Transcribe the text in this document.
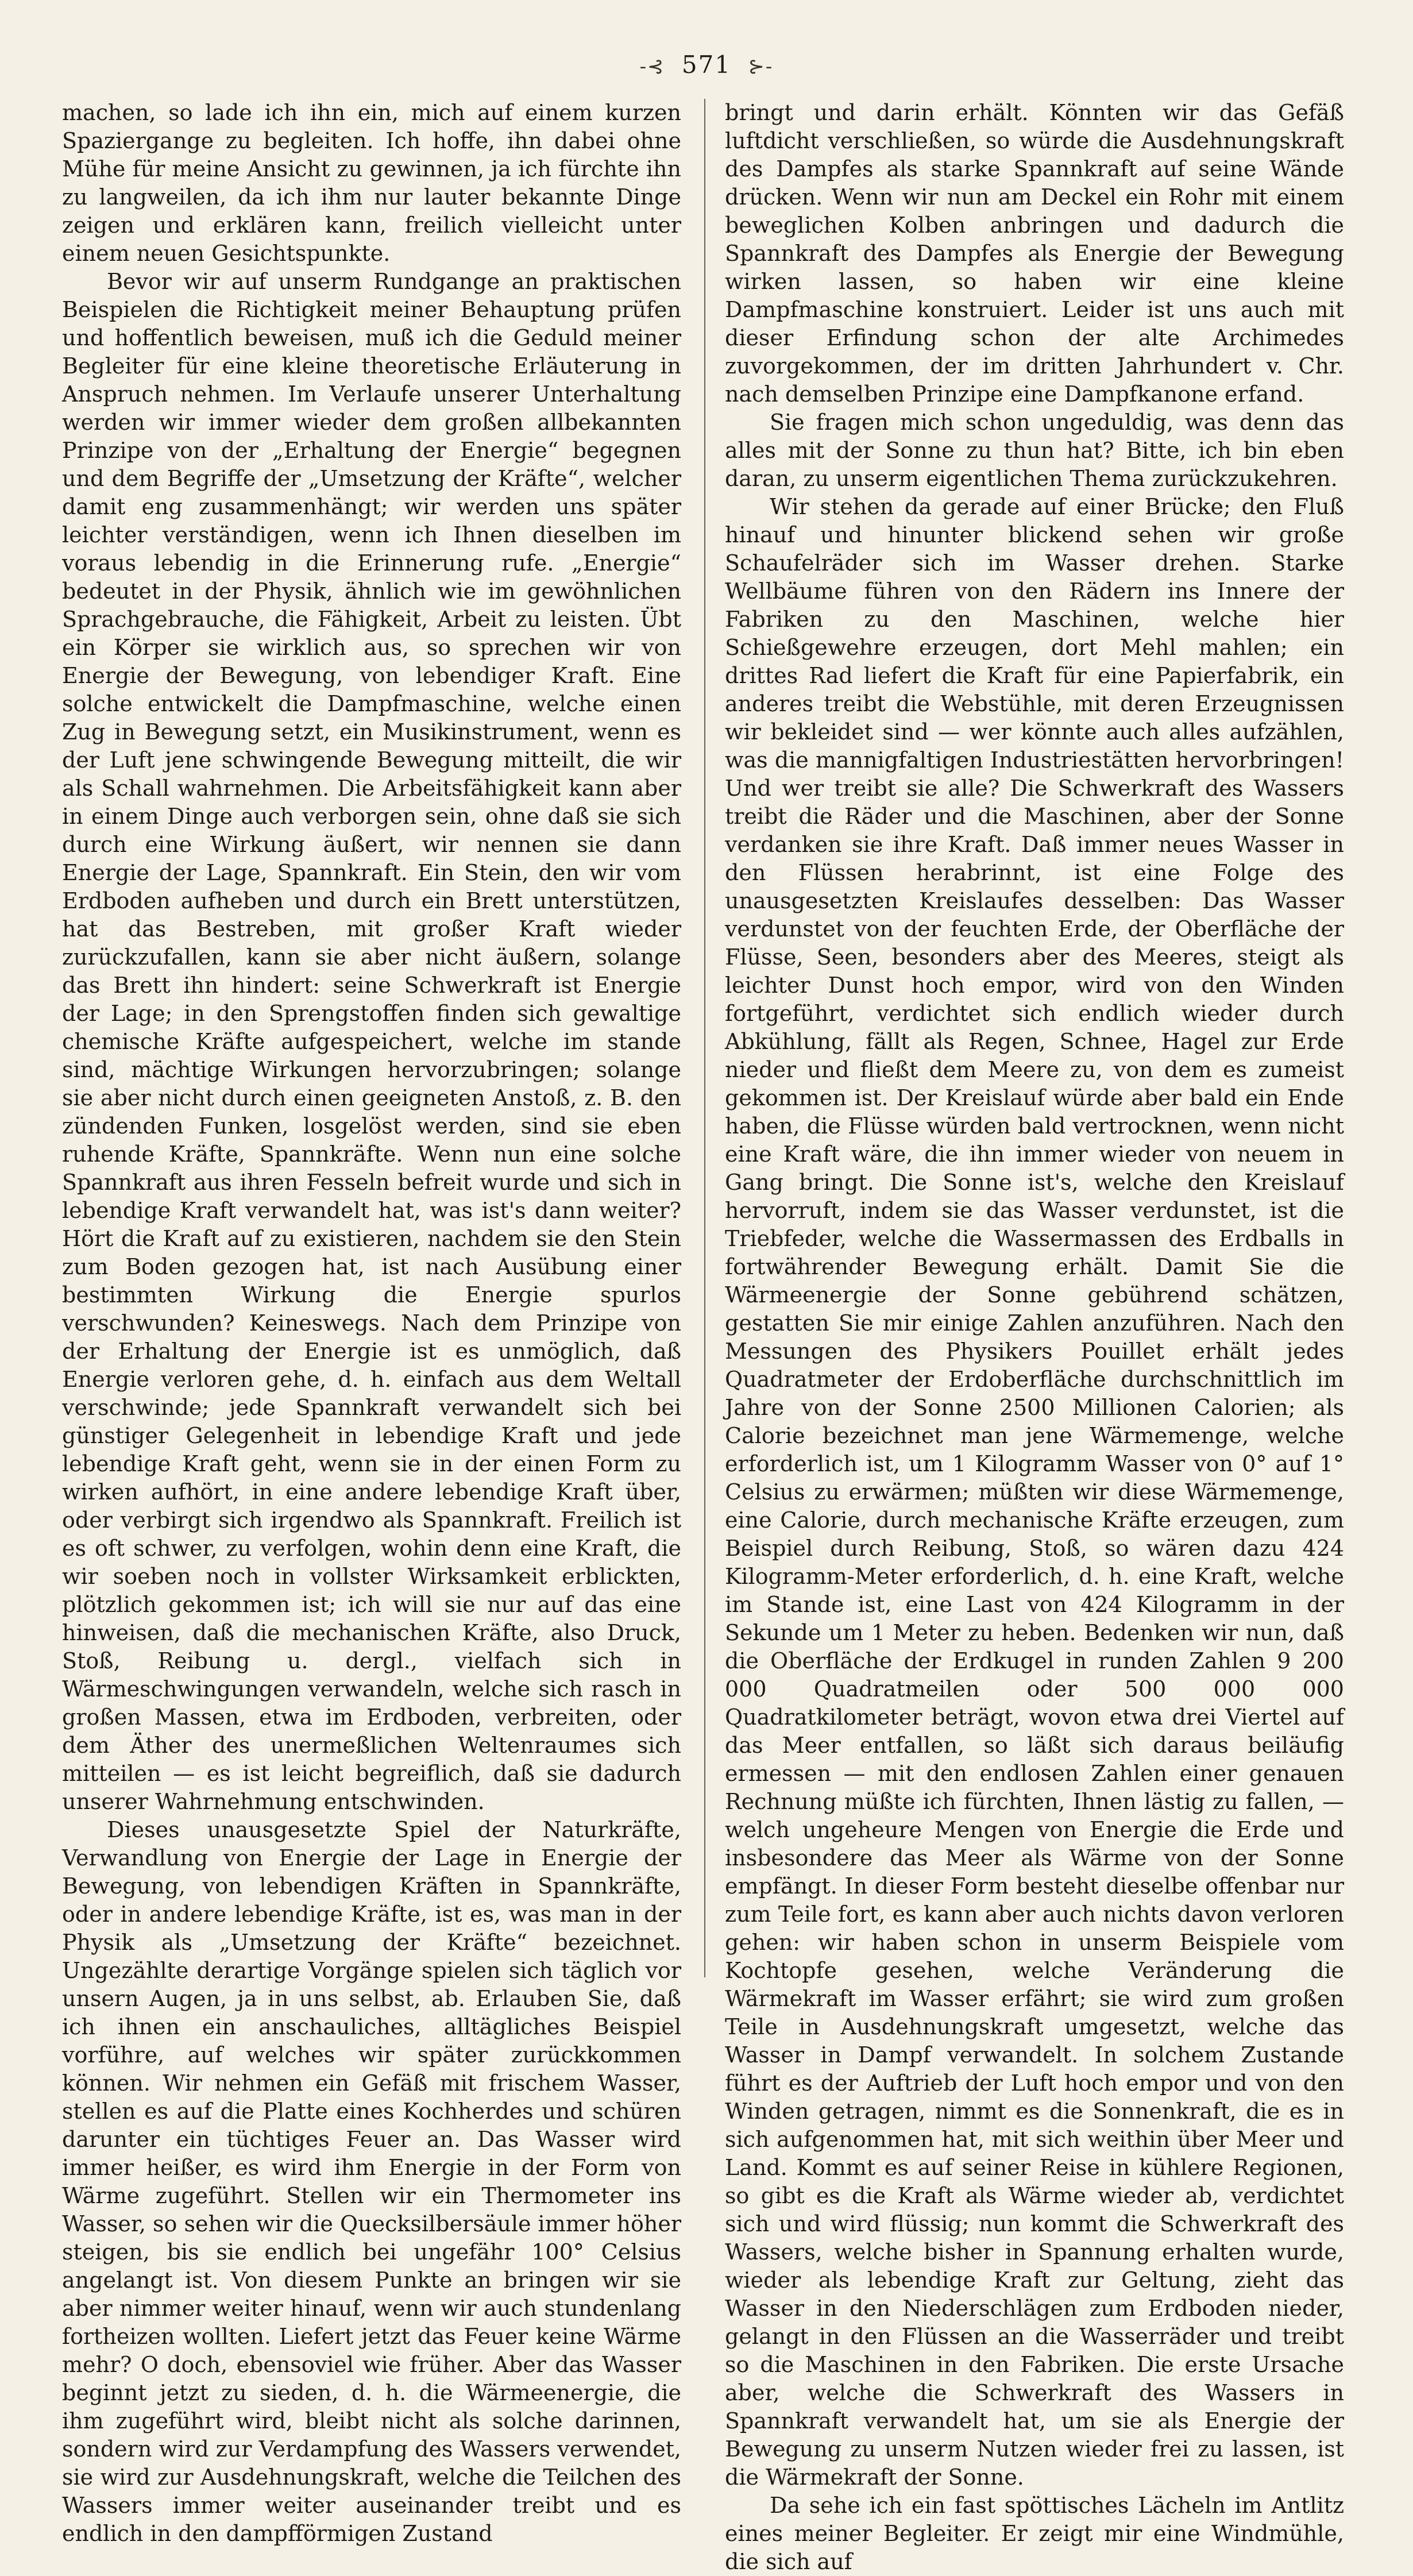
-⊰ 571 ⊱-

machen, so lade ich ihn ein, mich auf einem kurzen Spaziergange zu begleiten. Ich hoffe, ihn dabei ohne Mühe für meine Ansicht zu gewinnen, ja ich fürchte ihn zu langweilen, da ich ihm nur lauter bekannte Dinge zeigen und erklären kann, freilich vielleicht unter einem neuen Gesichtspunkte.

Bevor wir auf unserm Rundgange an praktischen Beispielen die Richtigkeit meiner Behauptung prüfen und hoffentlich beweisen, muß ich die Geduld meiner Begleiter für eine kleine theoretische Erläuterung in Anspruch nehmen. Im Verlaufe unserer Unterhaltung werden wir immer wieder dem großen allbekannten Prinzipe von der „Erhaltung der Energie“ begegnen und dem Begriffe der „Umsetzung der Kräfte“, welcher damit eng zusammenhängt; wir werden uns später leichter verständigen, wenn ich Ihnen dieselben im voraus lebendig in die Erinnerung rufe. „Energie“ bedeutet in der Physik, ähnlich wie im gewöhnlichen Sprachgebrauche, die Fähigkeit, Arbeit zu leisten. Übt ein Körper sie wirklich aus, so sprechen wir von Energie der Bewegung, von lebendiger Kraft. Eine solche entwickelt die Dampfmaschine, welche einen Zug in Bewegung setzt, ein Musikinstrument, wenn es der Luft jene schwingende Bewegung mitteilt, die wir als Schall wahrnehmen. Die Arbeitsfähigkeit kann aber in einem Dinge auch verborgen sein, ohne daß sie sich durch eine Wirkung äußert, wir nennen sie dann Energie der Lage, Spannkraft. Ein Stein, den wir vom Erdboden aufheben und durch ein Brett unterstützen, hat das Bestreben, mit großer Kraft wieder zurückzufallen, kann sie aber nicht äußern, solange das Brett ihn hindert: seine Schwerkraft ist Energie der Lage; in den Sprengstoffen finden sich gewaltige chemische Kräfte aufgespeichert, welche im stande sind, mächtige Wirkungen hervorzubringen; solange sie aber nicht durch einen geeigneten Anstoß, z. B. den zündenden Funken, losgelöst werden, sind sie eben ruhende Kräfte, Spannkräfte. Wenn nun eine solche Spannkraft aus ihren Fesseln befreit wurde und sich in lebendige Kraft verwandelt hat, was ist's dann weiter? Hört die Kraft auf zu existieren, nachdem sie den Stein zum Boden gezogen hat, ist nach Ausübung einer bestimmten Wirkung die Energie spurlos verschwunden? Keineswegs. Nach dem Prinzipe von der Erhaltung der Energie ist es unmöglich, daß Energie verloren gehe, d. h. einfach aus dem Weltall verschwinde; jede Spannkraft verwandelt sich bei günstiger Gelegenheit in lebendige Kraft und jede lebendige Kraft geht, wenn sie in der einen Form zu wirken aufhört, in eine andere lebendige Kraft über, oder verbirgt sich irgendwo als Spannkraft. Freilich ist es oft schwer, zu verfolgen, wohin denn eine Kraft, die wir soeben noch in vollster Wirksamkeit erblickten, plötzlich gekommen ist; ich will sie nur auf das eine hinweisen, daß die mechanischen Kräfte, also Druck, Stoß, Reibung u. dergl., vielfach sich in Wärmeschwingungen verwandeln, welche sich rasch in großen Massen, etwa im Erdboden, verbreiten, oder dem Äther des unermeßlichen Weltenraumes sich mitteilen — es ist leicht begreiflich, daß sie dadurch unserer Wahrnehmung entschwinden.

Dieses unausgesetzte Spiel der Naturkräfte, Verwandlung von Energie der Lage in Energie der Bewegung, von lebendigen Kräften in Spannkräfte, oder in andere lebendige Kräfte, ist es, was man in der Physik als „Umsetzung der Kräfte“ bezeichnet. Ungezählte derartige Vorgänge spielen sich täglich vor unsern Augen, ja in uns selbst, ab. Erlauben Sie, daß ich ihnen ein anschauliches, alltägliches Beispiel vorführe, auf welches wir später zurückkommen können. Wir nehmen ein Gefäß mit frischem Wasser, stellen es auf die Platte eines Kochherdes und schüren darunter ein tüchtiges Feuer an. Das Wasser wird immer heißer, es wird ihm Energie in der Form von Wärme zugeführt. Stellen wir ein Thermometer ins Wasser, so sehen wir die Quecksilbersäule immer höher steigen, bis sie endlich bei ungefähr 100° Celsius angelangt ist. Von diesem Punkte an bringen wir sie aber nimmer weiter hinauf, wenn wir auch stundenlang fortheizen wollten. Liefert jetzt das Feuer keine Wärme mehr? O doch, ebensoviel wie früher. Aber das Wasser beginnt jetzt zu sieden, d. h. die Wärmeenergie, die ihm zugeführt wird, bleibt nicht als solche darinnen, sondern wird zur Verdampfung des Wassers verwendet, sie wird zur Ausdehnungskraft, welche die Teilchen des Wassers immer weiter auseinander treibt und es endlich in den dampfförmigen Zustand

bringt und darin erhält. Könnten wir das Gefäß luftdicht verschließen, so würde die Ausdehnungskraft des Dampfes als starke Spannkraft auf seine Wände drücken. Wenn wir nun am Deckel ein Rohr mit einem beweglichen Kolben anbringen und dadurch die Spannkraft des Dampfes als Energie der Bewegung wirken lassen, so haben wir eine kleine Dampfmaschine konstruiert. Leider ist uns auch mit dieser Erfindung schon der alte Archimedes zuvorgekommen, der im dritten Jahrhundert v. Chr. nach demselben Prinzipe eine Dampfkanone erfand.

Sie fragen mich schon ungeduldig, was denn das alles mit der Sonne zu thun hat? Bitte, ich bin eben daran, zu unserm eigentlichen Thema zurückzukehren.

Wir stehen da gerade auf einer Brücke; den Fluß hinauf und hinunter blickend sehen wir große Schaufelräder sich im Wasser drehen. Starke Wellbäume führen von den Rädern ins Innere der Fabriken zu den Maschinen, welche hier Schießgewehre erzeugen, dort Mehl mahlen; ein drittes Rad liefert die Kraft für eine Papierfabrik, ein anderes treibt die Webstühle, mit deren Erzeugnissen wir bekleidet sind — wer könnte auch alles aufzählen, was die mannigfaltigen Industriestätten hervorbringen! Und wer treibt sie alle? Die Schwerkraft des Wassers treibt die Räder und die Maschinen, aber der Sonne verdanken sie ihre Kraft. Daß immer neues Wasser in den Flüssen herabrinnt, ist eine Folge des unausgesetzten Kreislaufes desselben: Das Wasser verdunstet von der feuchten Erde, der Oberfläche der Flüsse, Seen, besonders aber des Meeres, steigt als leichter Dunst hoch empor, wird von den Winden fortgeführt, verdichtet sich endlich wieder durch Abkühlung, fällt als Regen, Schnee, Hagel zur Erde nieder und fließt dem Meere zu, von dem es zumeist gekommen ist. Der Kreislauf würde aber bald ein Ende haben, die Flüsse würden bald vertrocknen, wenn nicht eine Kraft wäre, die ihn immer wieder von neuem in Gang bringt. Die Sonne ist's, welche den Kreislauf hervorruft, indem sie das Wasser verdunstet, ist die Triebfeder, welche die Wassermassen des Erdballs in fortwährender Bewegung erhält. Damit Sie die Wärmeenergie der Sonne gebührend schätzen, gestatten Sie mir einige Zahlen anzuführen. Nach den Messungen des Physikers Pouillet erhält jedes Quadratmeter der Erdoberfläche durchschnittlich im Jahre von der Sonne 2500 Millionen Calorien; als Calorie bezeichnet man jene Wärmemenge, welche erforderlich ist, um 1 Kilogramm Wasser von 0° auf 1° Celsius zu erwärmen; müßten wir diese Wärmemenge, eine Calorie, durch mechanische Kräfte erzeugen, zum Beispiel durch Reibung, Stoß, so wären dazu 424 Kilogramm-Meter erforderlich, d. h. eine Kraft, welche im Stande ist, eine Last von 424 Kilogramm in der Sekunde um 1 Meter zu heben. Bedenken wir nun, daß die Oberfläche der Erdkugel in runden Zahlen 9 200 000 Quadratmeilen oder 500 000 000 Quadratkilometer beträgt, wovon etwa drei Viertel auf das Meer entfallen, so läßt sich daraus beiläufig ermessen — mit den endlosen Zahlen einer genauen Rechnung müßte ich fürchten, Ihnen lästig zu fallen, — welch ungeheure Mengen von Energie die Erde und insbesondere das Meer als Wärme von der Sonne empfängt. In dieser Form besteht dieselbe offenbar nur zum Teile fort, es kann aber auch nichts davon verloren gehen: wir haben schon in unserm Beispiele vom Kochtopfe gesehen, welche Veränderung die Wärmekraft im Wasser erfährt; sie wird zum großen Teile in Ausdehnungskraft umgesetzt, welche das Wasser in Dampf verwandelt. In solchem Zustande führt es der Auftrieb der Luft hoch empor und von den Winden getragen, nimmt es die Sonnenkraft, die es in sich aufgenommen hat, mit sich weithin über Meer und Land. Kommt es auf seiner Reise in kühlere Regionen, so gibt es die Kraft als Wärme wieder ab, verdichtet sich und wird flüssig; nun kommt die Schwerkraft des Wassers, welche bisher in Spannung erhalten wurde, wieder als lebendige Kraft zur Geltung, zieht das Wasser in den Niederschlägen zum Erdboden nieder, gelangt in den Flüssen an die Wasserräder und treibt so die Maschinen in den Fabriken. Die erste Ursache aber, welche die Schwerkraft des Wassers in Spannkraft verwandelt hat, um sie als Energie der Bewegung zu unserm Nutzen wieder frei zu lassen, ist die Wärmekraft der Sonne.

Da sehe ich ein fast spöttisches Lächeln im Antlitz eines meiner Begleiter. Er zeigt mir eine Windmühle, die sich auf
